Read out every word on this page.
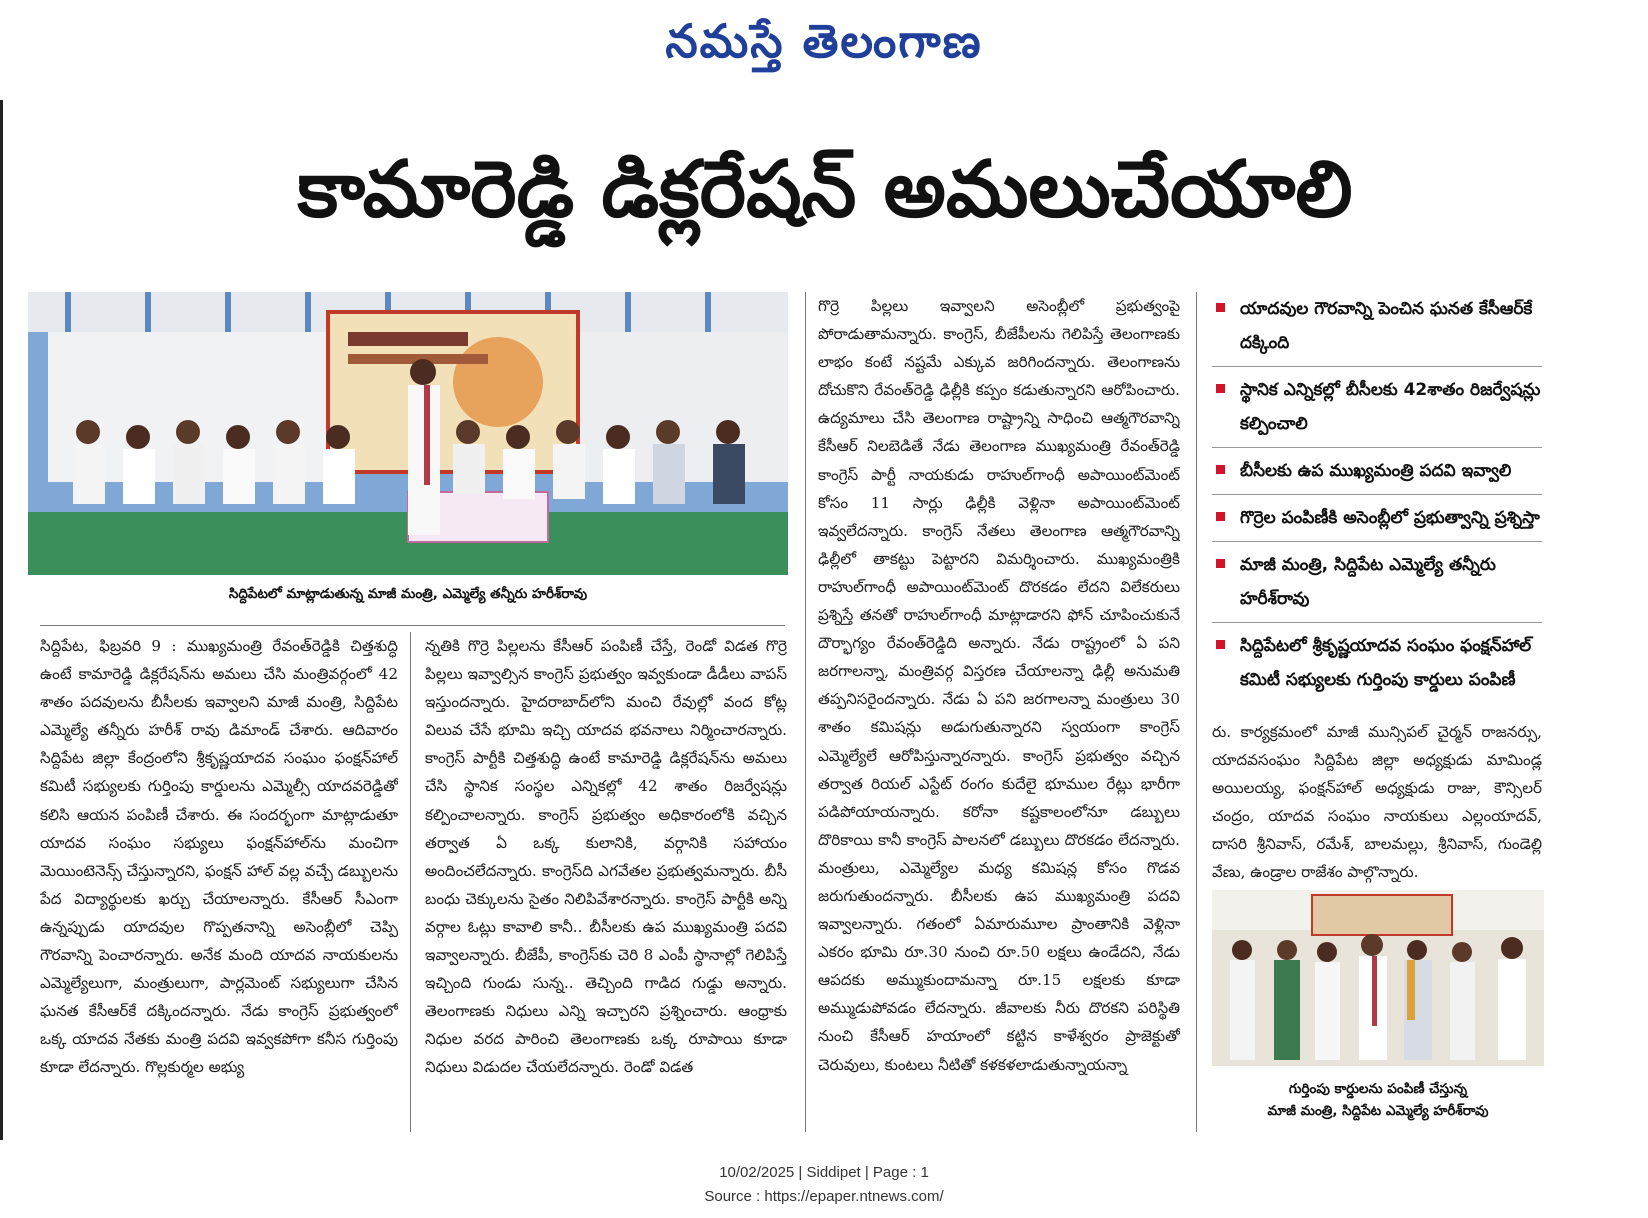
నమస్తే తెలంగాణ
కామారెడ్డి డిక్లరేషన్ అమలుచేయాలి
సిద్దిపేటలో మాట్లాడుతున్న మాజీ మంత్రి, ఎమ్మెల్యే తన్నీరు హరీశ్‌రావు

సిద్దిపేట, ఫిబ్రవరి 9 : ముఖ్యమంత్రి రేవంత్‌రెడ్డికి చిత్తశుద్ధి ఉంటే కామారెడ్డి డిక్లరేషన్‌ను అమలు చేసి మంత్రివర్గంలో 42 శాతం పదవులను బీసీలకు ఇవ్వాలని మాజీ మంత్రి, సిద్దిపేట ఎమ్మెల్యే తన్నీరు హరీశ్ రావు డిమాండ్ చేశారు. ఆదివారం సిద్దిపేట జిల్లా కేంద్రంలోని శ్రీకృష్ణయాదవ సంఘం ఫంక్షన్‌హాల్ కమిటీ సభ్యులకు గుర్తింపు కార్డులను ఎమ్మెల్సీ యాదవరెడ్డితో కలిసి ఆయన పంపిణీ చేశారు. ఈ సందర్భంగా మాట్లాడుతూ యాదవ సంఘం సభ్యులు ఫంక్షన్‌హాల్‌ను మంచిగా మెయింటెనెన్స్ చేస్తున్నారని, ఫంక్షన్ హాల్ వల్ల వచ్చే డబ్బులను పేద విద్యార్థులకు ఖర్చు చేయాలన్నారు. కేసీఆర్ సీఎంగా ఉన్నప్పుడు యాదవుల గొప్పతనాన్ని అసెంబ్లీలో చెప్పి గౌరవాన్ని పెంచారన్నారు. అనేక మంది యాదవ నాయకులను ఎమ్మెల్యేలుగా, మంత్రులుగా, పార్లమెంట్ సభ్యులుగా చేసిన ఘనత కేసీఆర్‌కే దక్కిందన్నారు. నేడు కాంగ్రెస్ ప్రభుత్వంలో ఒక్క యాదవ నేతకు మంత్రి పదవి ఇవ్వకపోగా కనీస గుర్తింపు కూడా లేదన్నారు. గొల్లకుర్మల అభ్యు

న్నతికి గొర్రె పిల్లలను కేసీఆర్ పంపిణీ చేస్తే, రెండో విడత గొర్రె పిల్లలు ఇవ్వాల్సిన కాంగ్రెస్ ప్రభుత్వం ఇవ్వకుండా డీడీలు వాపస్ ఇస్తుందన్నారు. హైదరాబాద్‌లోని మంచి రేవుల్లో వంద కోట్ల విలువ చేసే భూమి ఇచ్చి యాదవ భవనాలు నిర్మించారన్నారు. కాంగ్రెస్ పార్టీకి చిత్తశుద్ధి ఉంటే కామారెడ్డి డిక్లరేషన్‌ను అమలు చేసి స్థానిక సంస్థల ఎన్నికల్లో 42 శాతం రిజర్వేషన్లు కల్పించాలన్నారు. కాంగ్రెస్ ప్రభుత్వం అధికారంలోకి వచ్చిన తర్వాత ఏ ఒక్క కులానికి, వర్గానికి సహాయం అందించలేదన్నారు. కాంగ్రెస్‌ది ఎగవేతల ప్రభుత్వమన్నారు. బీసీ బంధు చెక్కులను సైతం నిలిపివేశారన్నారు. కాంగ్రెస్ పార్టీకి అన్ని వర్గాల ఓట్లు కావాలి కానీ.. బీసీలకు ఉప ముఖ్యమంత్రి పదవి ఇవ్వాలన్నారు. బీజేపీ, కాంగ్రెస్‌కు చెరి 8 ఎంపీ స్థానాల్లో గెలిపిస్తే ఇచ్చింది గుండు సున్న.. తెచ్చింది గాడిద గుడ్డు అన్నారు. తెలంగాణకు నిధులు ఎన్ని ఇచ్చారని ప్రశ్నించారు. ఆంధ్రాకు నిధుల వరద పారించి తెలంగాణకు ఒక్క రూపాయి కూడా నిధులు విడుదల చేయలేదన్నారు. రెండో విడత

గొర్రె పిల్లలు ఇవ్వాలని అసెంబ్లీలో ప్రభుత్వంపై పోరాడుతామన్నారు. కాంగ్రెస్, బీజేపీలను గెలిపిస్తే తెలంగాణకు లాభం కంటే నష్టమే ఎక్కువ జరిగిందన్నారు. తెలంగాణను దోచుకొని రేవంత్‌రెడ్డి ఢిల్లీకి కప్పం కడుతున్నారని ఆరోపించారు. ఉద్యమాలు చేసి తెలంగాణ రాష్ట్రాన్ని సాధించి ఆత్మగౌరవాన్ని కేసీఆర్ నిలబెడితే నేడు తెలంగాణ ముఖ్యమంత్రి రేవంత్‌రెడ్డి కాంగ్రెస్ పార్టీ నాయకుడు రాహుల్‌గాంధీ అపాయింట్‌మెంట్ కోసం 11 సార్లు ఢిల్లీకి వెళ్లినా అపాయింట్‌మెంట్ ఇవ్వలేదన్నారు. కాంగ్రెస్ నేతలు తెలంగాణ ఆత్మగౌరవాన్ని ఢిల్లీలో తాకట్టు పెట్టారని విమర్శించారు. ముఖ్యమంత్రికి రాహుల్‌గాంధీ అపాయింట్‌మెంట్ దొరకడం లేదని విలేకరులు ప్రశ్నిస్తే తనతో రాహుల్‌గాంధీ మాట్లాడారని ఫోన్ చూపించుకునే దౌర్భాగ్యం రేవంత్‌రెడ్డిది అన్నారు. నేడు రాష్ట్రంలో ఏ పని జరగాలన్నా, మంత్రివర్గ విస్తరణ చేయాలన్నా ఢిల్లీ అనుమతి తప్పనిసరైందన్నారు. నేడు ఏ పని జరగాలన్నా మంత్రులు 30 శాతం కమిషన్లు అడుగుతున్నారని స్వయంగా కాంగ్రెస్ ఎమ్మెల్యేలే ఆరోపిస్తున్నారన్నారు. కాంగ్రెస్ ప్రభుత్వం వచ్చిన తర్వాత రియల్ ఎస్టేట్ రంగం కుదేలై భూముల రేట్లు భారీగా పడిపోయాయన్నారు. కరోనా కష్టకాలంలోనూ డబ్బులు దొరికాయి కానీ కాంగ్రెస్ పాలనలో డబ్బులు దొరకడం లేదన్నారు. మంత్రులు, ఎమ్మెల్యేల మధ్య కమిషన్ల కోసం గొడవ జరుగుతుందన్నారు. బీసీలకు ఉప ముఖ్యమంత్రి పదవి ఇవ్వాలన్నారు. గతంలో ఏమారుమూల ప్రాంతానికి వెళ్లినా ఎకరం భూమి రూ.30 నుంచి రూ.50 లక్షలు ఉండేదని, నేడు ఆపదకు అమ్ముకుందామన్నా రూ.15 లక్షలకు కూడా అమ్ముడుపోవడం లేదన్నారు. జీవాలకు నీరు దొరకని పరిస్థితి నుంచి కేసీఆర్ హయాంలో కట్టిన కాళేశ్వరం ప్రాజెక్టుతో చెరువులు, కుంటలు నీటితో కళకళలాడుతున్నాయన్నా

యాదవుల గౌరవాన్ని పెంచిన ఘనత కేసీఆర్‌కే దక్కింది
స్థానిక ఎన్నికల్లో బీసీలకు 42శాతం రిజర్వేషన్లు కల్పించాలి
బీసీలకు ఉప ముఖ్యమంత్రి పదవి ఇవ్వాలి
గొర్రెల పంపిణీకి అసెంబ్లీలో ప్రభుత్వాన్ని ప్రశ్నిస్తా
మాజీ మంత్రి, సిద్దిపేట ఎమ్మెల్యే తన్నీరు హరీశ్‌రావు
సిద్దిపేటలో శ్రీకృష్ణయాదవ సంఘం ఫంక్షన్‌హాల్ కమిటీ సభ్యులకు గుర్తింపు కార్డులు పంపిణీ

రు. కార్యక్రమంలో మాజీ మున్సిపల్ చైర్మన్ రాజనర్సు, యాదవసంఘం సిద్దిపేట జిల్లా అధ్యక్షుడు మామిండ్ల అయిలయ్య, ఫంక్షన్‌హాల్ అధ్యక్షుడు రాజు, కౌన్సిలర్ చంద్రం, యాదవ సంఘం నాయకులు ఎల్లంయాదవ్, దాసరి శ్రీనివాస్, రమేశ్, బాలమల్లు, శ్రీనివాస్, గుండెల్లి వేణు, ఉండ్రాల రాజేశం పాల్గొన్నారు.

గుర్తింపు కార్డులను పంపిణీ చేస్తున్న
మాజీ మంత్రి, సిద్దిపేట ఎమ్మెల్యే హరీశ్‌రావు
10/02/2025 | Siddipet | Page : 1
Source : https://epaper.ntnews.com/
